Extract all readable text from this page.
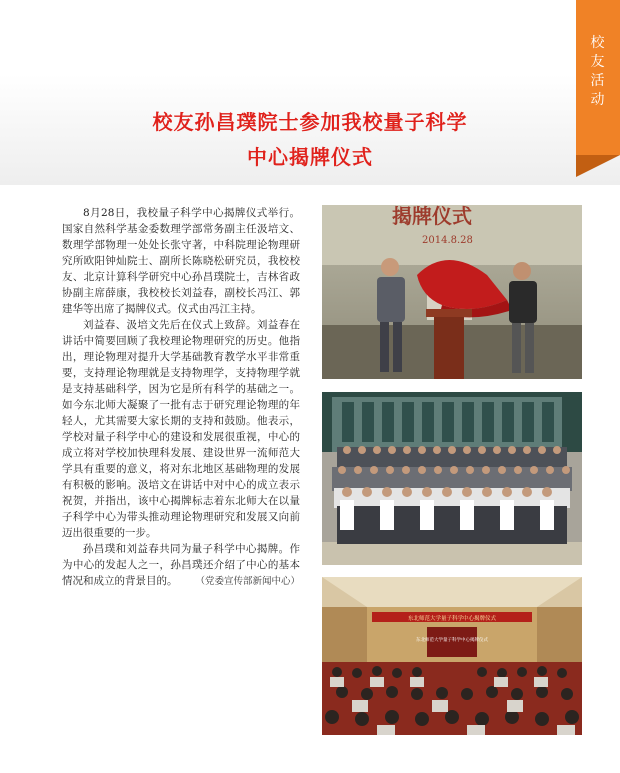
校
友
活
动
校友孙昌璞院士参加我校量子科学
中心揭牌仪式

8月28日，我校量子科学中心揭牌仪式举行。国家自然科学基金委数理学部常务副主任汲培文、数理学部物理一处处长张守著，中科院理论物理研究所欧阳钟灿院士、副所长陈晓松研究员，我校校友、北京计算科学研究中心孙昌璞院士，吉林省政协副主席薛康，我校校长刘益春，副校长冯江、郭建华等出席了揭牌仪式。仪式由冯江主持。

刘益春、汲培文先后在仪式上致辞。刘益春在讲话中简要回顾了我校理论物理研究的历史。他指出，理论物理对提升大学基础教育教学水平非常重要，支持理论物理就是支持物理学，支持物理学就是支持基础科学，因为它是所有科学的基础之一。如今东北师大凝聚了一批有志于研究理论物理的年轻人，尤其需要大家长期的支持和鼓励。他表示，学校对量子科学中心的建设和发展很重视，中心的成立将对学校加快理科发展、建设世界一流师范大学具有重要的意义，将对东北地区基础物理的发展有积极的影响。汲培文在讲话中对中心的成立表示祝贺，并指出，该中心揭牌标志着东北师大在以量子科学中心为带头推动理论物理研究和发展又向前迈出很重要的一步。

孙昌璞和刘益春共同为量子科学中心揭牌。作为中心的发起人之一，孙昌璞还介绍了中心的基本情况和成立的背景目的。	（党委宣传部新闻中心）
揭牌仪式
2014.8.28
东北师范大学量子科学中心揭牌仪式
东北师范大学量子科学中心揭牌仪式
